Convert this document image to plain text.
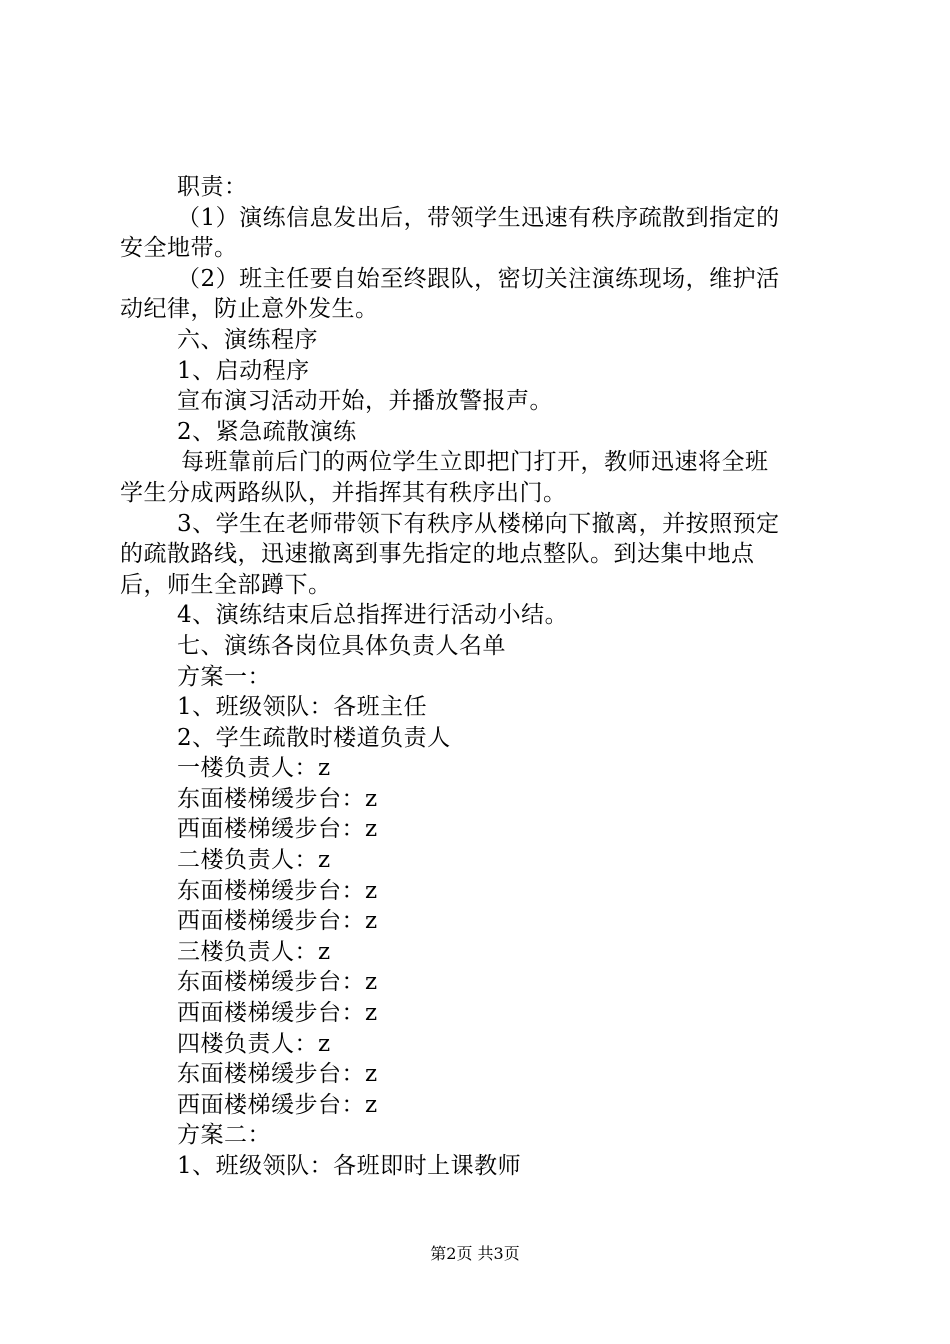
职责：
（1）演练信息发出后，带领学生迅速有秩序疏散到指定的
安全地带。
（2）班主任要自始至终跟队，密切关注演练现场，维护活
动纪律，防止意外发生。
六、演练程序
1、启动程序
宣布演习活动开始，并播放警报声。
2、紧急疏散演练
每班靠前后门的两位学生立即把门打开，教师迅速将全班
学生分成两路纵队，并指挥其有秩序出门。
3、学生在老师带领下有秩序从楼梯向下撤离，并按照预定
的疏散路线，迅速撤离到事先指定的地点整队。到达集中地点
后，师生全部蹲下。
4、演练结束后总指挥进行活动小结。
七、演练各岗位具体负责人名单
方案一：
1、班级领队：各班主任
2、学生疏散时楼道负责人
一楼负责人：z
东面楼梯缓步台：z
西面楼梯缓步台：z
二楼负责人：z
东面楼梯缓步台：z
西面楼梯缓步台：z
三楼负责人：z
东面楼梯缓步台：z
西面楼梯缓步台：z
四楼负责人：z
东面楼梯缓步台：z
西面楼梯缓步台：z
方案二：
1、班级领队：各班即时上课教师
第2页 共3页
